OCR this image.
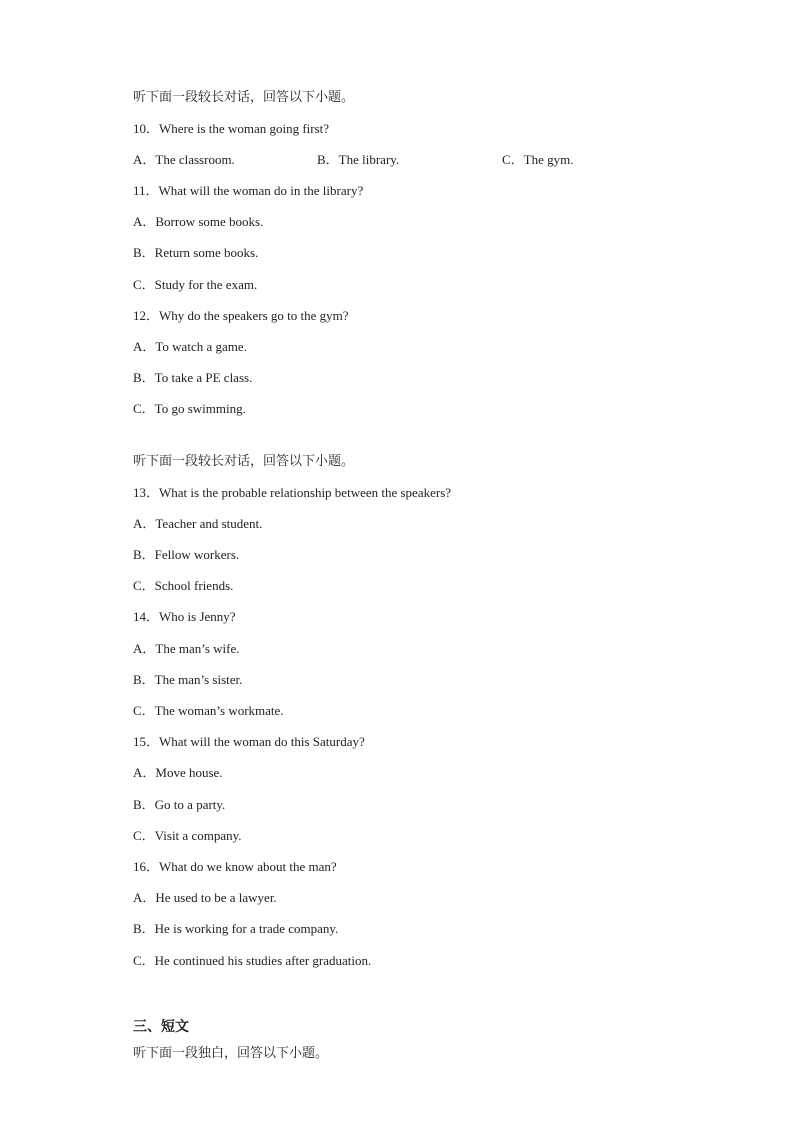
听下面一段较长对话，回答以下小题。
10．Where is the woman going first?
A．The classroom.	B．The library.	C．The gym.
11．What will the woman do in the library?
A．Borrow some books.
B．Return some books.
C．Study for the exam.
12．Why do the speakers go to the gym?
A．To watch a game.
B．To take a PE class.
C．To go swimming.
听下面一段较长对话，回答以下小题。
13．What is the probable relationship between the speakers?
A．Teacher and student.
B．Fellow workers.
C．School friends.
14．Who is Jenny?
A．The man’s wife.
B．The man’s sister.
C．The woman’s workmate.
15．What will the woman do this Saturday?
A．Move house.
B．Go to a party.
C．Visit a company.
16．What do we know about the man?
A．He used to be a lawyer.
B．He is working for a trade company.
C．He continued his studies after graduation.
三、短文
听下面一段独白，回答以下小题。
